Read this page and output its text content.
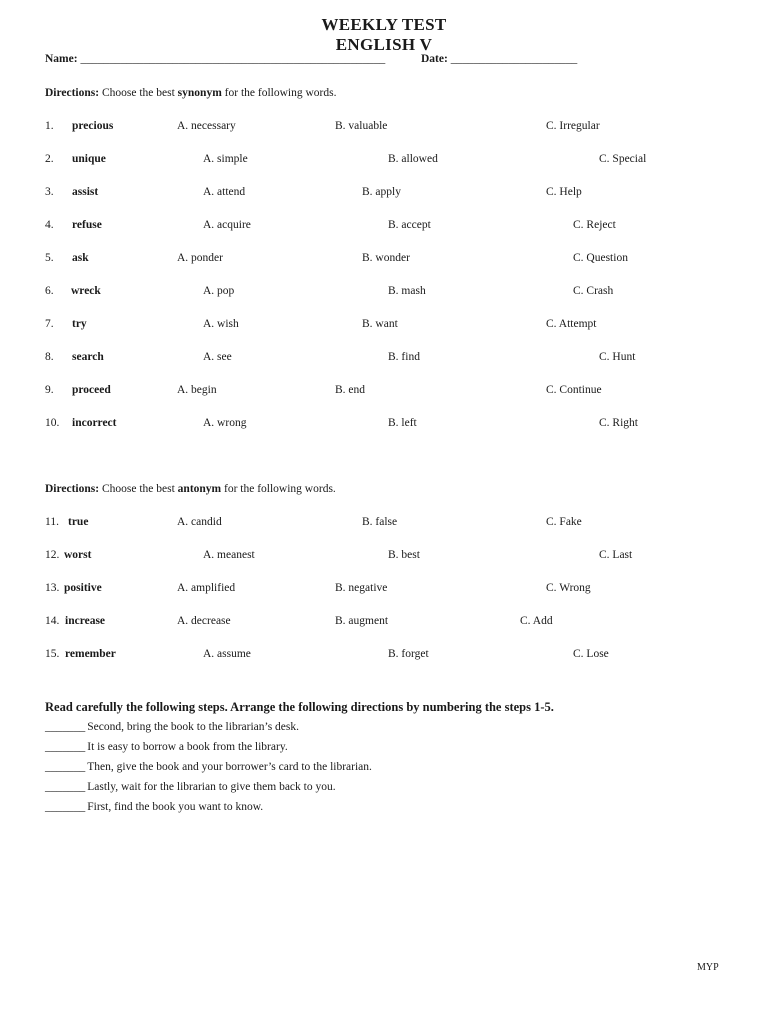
WEEKLY TEST
ENGLISH V
Name: _____________________________________________________	Date: ______________________
Directions: Choose the best synonym for the following words.
1. precious	A. necessary	B. valuable	C. Irregular
2. unique	A. simple	B. allowed	C. Special
3. assist	A. attend	B. apply	C. Help
4. refuse	A. acquire	B. accept	C. Reject
5. ask	A. ponder	B. wonder	C. Question
6. wreck	A. pop	B. mash	C. Crash
7. try	A. wish	B. want	C. Attempt
8. search	A. see	B. find	C. Hunt
9. proceed	A. begin	B. end	C. Continue
10. incorrect	A. wrong	B. left	C. Right
Directions: Choose the best antonym for the following words.
11. true	A. candid	B. false	C. Fake
12. worst	A. meanest	B. best	C. Last
13. positive	A. amplified	B. negative	C. Wrong
14. increase	A. decrease	B. augment	C. Add
15. remember	A. assume	B. forget	C. Lose
Read carefully the following steps. Arrange the following directions by numbering the steps 1-5.
_______ Second, bring the book to the librarian’s desk.
_______ It is easy to borrow a book from the library.
_______ Then, give the book and your borrower’s card to the librarian.
_______ Lastly, wait for the librarian to give them back to you.
_______ First, find the book you want to know.
MYP
